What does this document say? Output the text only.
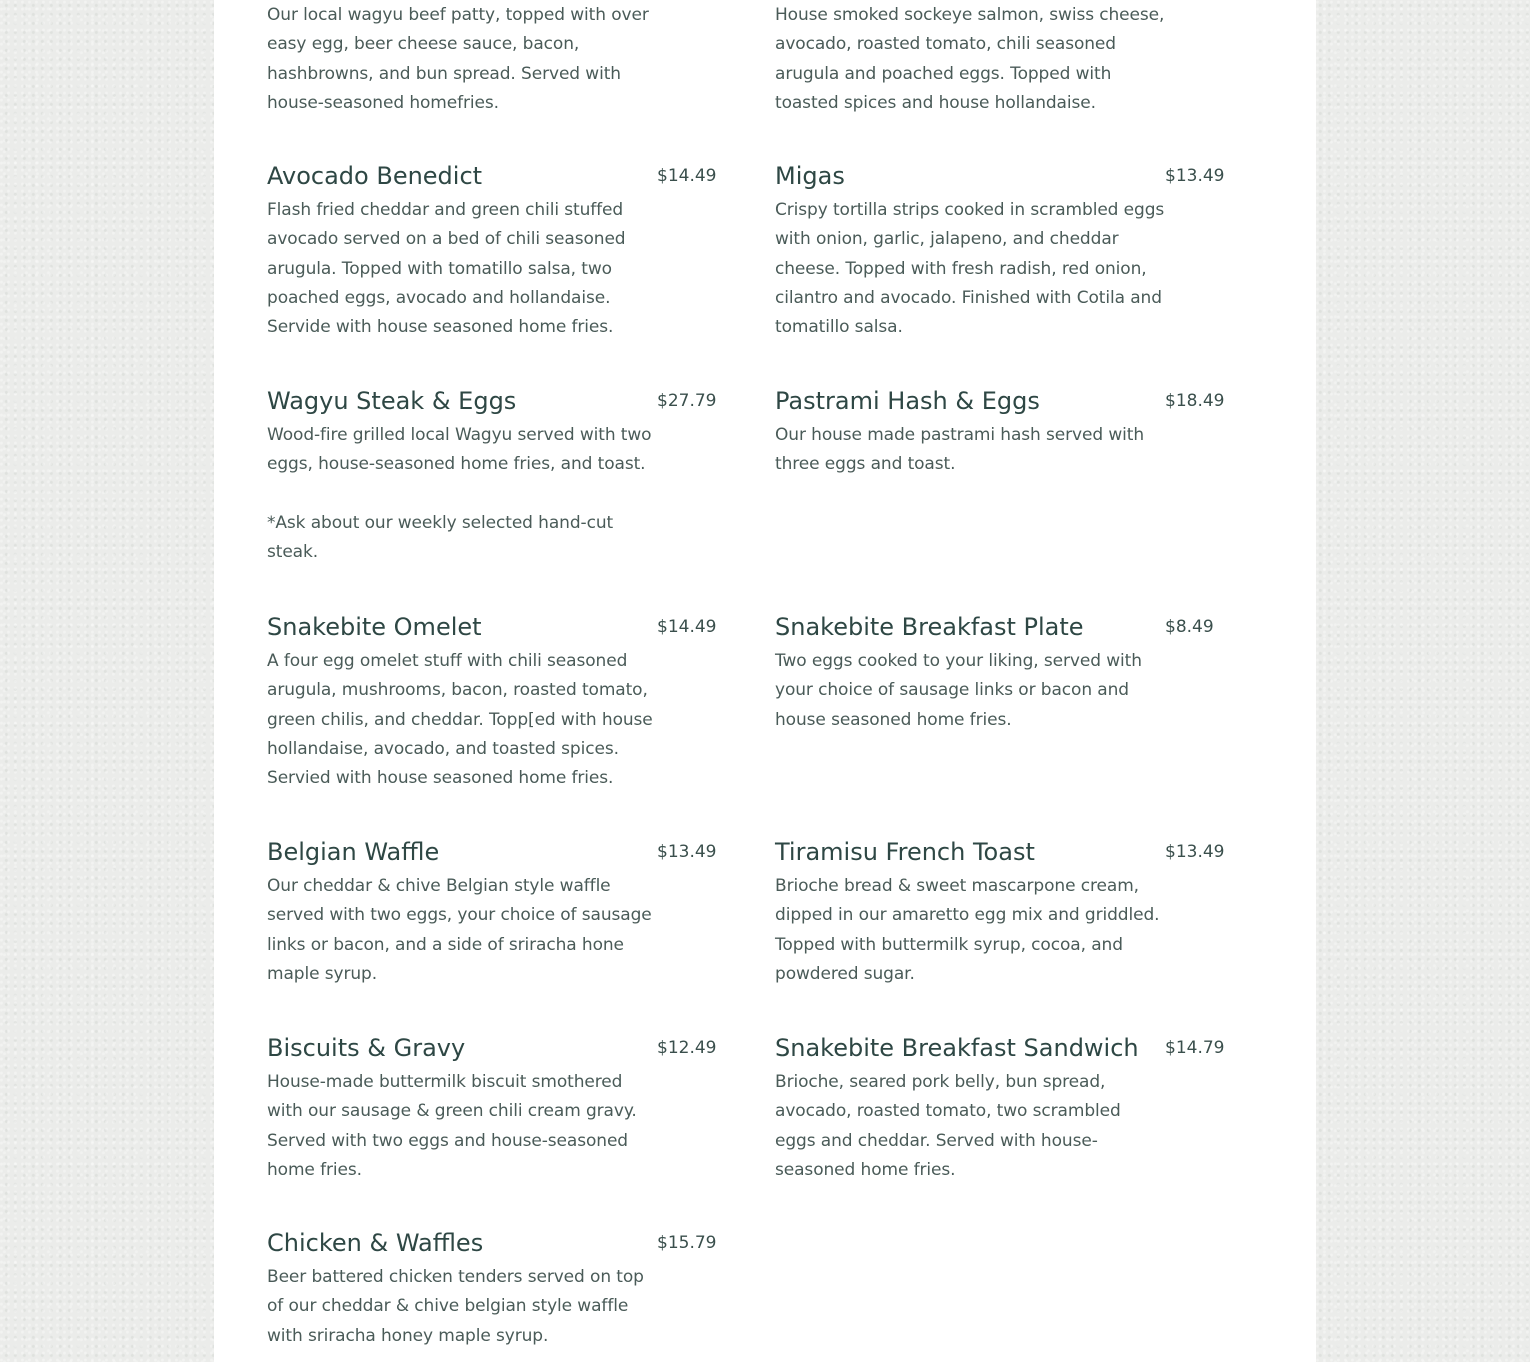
Our local wagyu beef patty, topped with over easy egg, beer cheese sauce, bacon, hashbrowns, and bun spread. Served with house-seasoned homefries.
House smoked sockeye salmon, swiss cheese, avocado, roasted tomato, chili seasoned arugula and poached eggs. Topped with toasted spices and house hollandaise.
Avocado Benedict	$14.49
Flash fried cheddar and green chili stuffed avocado served on a bed of chili seasoned arugula. Topped with tomatillo salsa, two poached eggs, avocado and hollandaise. Servide with house seasoned home fries.
Migas	$13.49
Crispy tortilla strips cooked in scrambled eggs with onion, garlic, jalapeno, and cheddar cheese. Topped with fresh radish, red onion, cilantro and avocado. Finished with Cotila and tomatillo salsa.
Wagyu Steak & Eggs	$27.79
Wood-fire grilled local Wagyu served with two eggs, house-seasoned home fries, and toast.

*Ask about our weekly selected hand-cut steak.
Pastrami Hash & Eggs	$18.49
Our house made pastrami hash served with three eggs and toast.
Snakebite Omelet	$14.49
A four egg omelet stuff with chili seasoned arugula, mushrooms, bacon, roasted tomato, green chilis, and cheddar. Topp[ed with house hollandaise, avocado, and toasted spices. Servied with house seasoned home fries.
Snakebite Breakfast Plate	$8.49
Two eggs cooked to your liking, served with your choice of sausage links or bacon and house seasoned home fries.
Belgian Waffle	$13.49
Our cheddar & chive Belgian style waffle served with two eggs, your choice of sausage links or bacon, and a side of sriracha hone maple syrup.
Tiramisu French Toast	$13.49
Brioche bread & sweet mascarpone cream, dipped in our amaretto egg mix and griddled. Topped with buttermilk syrup, cocoa, and powdered sugar.
Biscuits & Gravy	$12.49
House-made buttermilk biscuit smothered with our sausage & green chili cream gravy. Served with two eggs and house-seasoned home fries.
Snakebite Breakfast Sandwich	$14.79
Brioche, seared pork belly, bun spread, avocado, roasted tomato, two scrambled eggs and cheddar. Served with house-seasoned home fries.
Chicken & Waffles	$15.79
Beer battered chicken tenders served on top of our cheddar & chive belgian style waffle with sriracha honey maple syrup.
